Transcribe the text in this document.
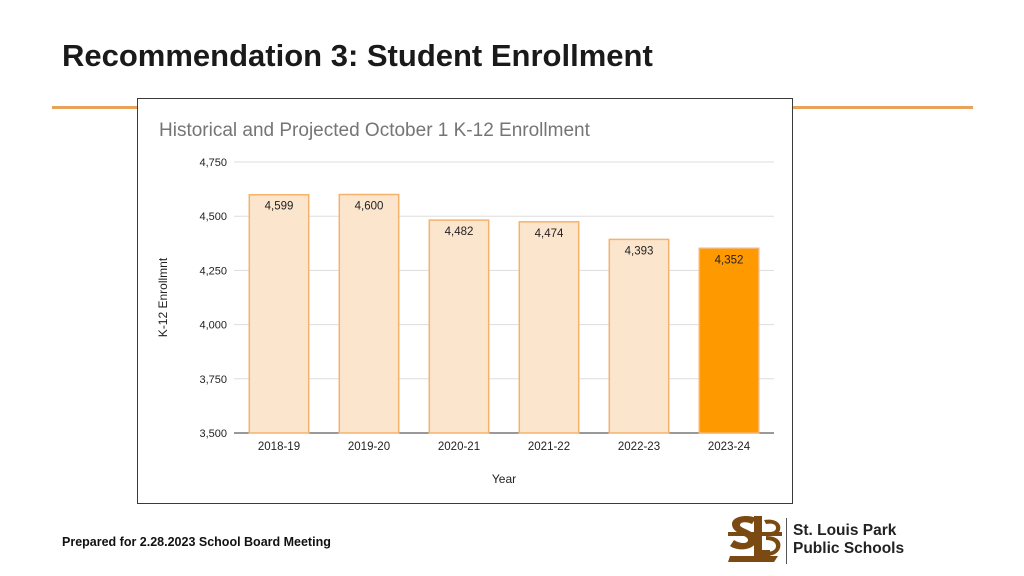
Recommendation 3: Student Enrollment
Historical and Projected October 1 K-12 Enrollment
3,500
3,750
4,000
4,250
4,500
4,750
4,599	4,600
4,482	4,474
4,393
4,352
2018-19	2019-20	2020-21	2021-22	2022-23	2023-24
K-12 Enrollmnt
Year
Prepared for 2.28.2023 School Board Meeting
St. Louis Park
Public Schools
